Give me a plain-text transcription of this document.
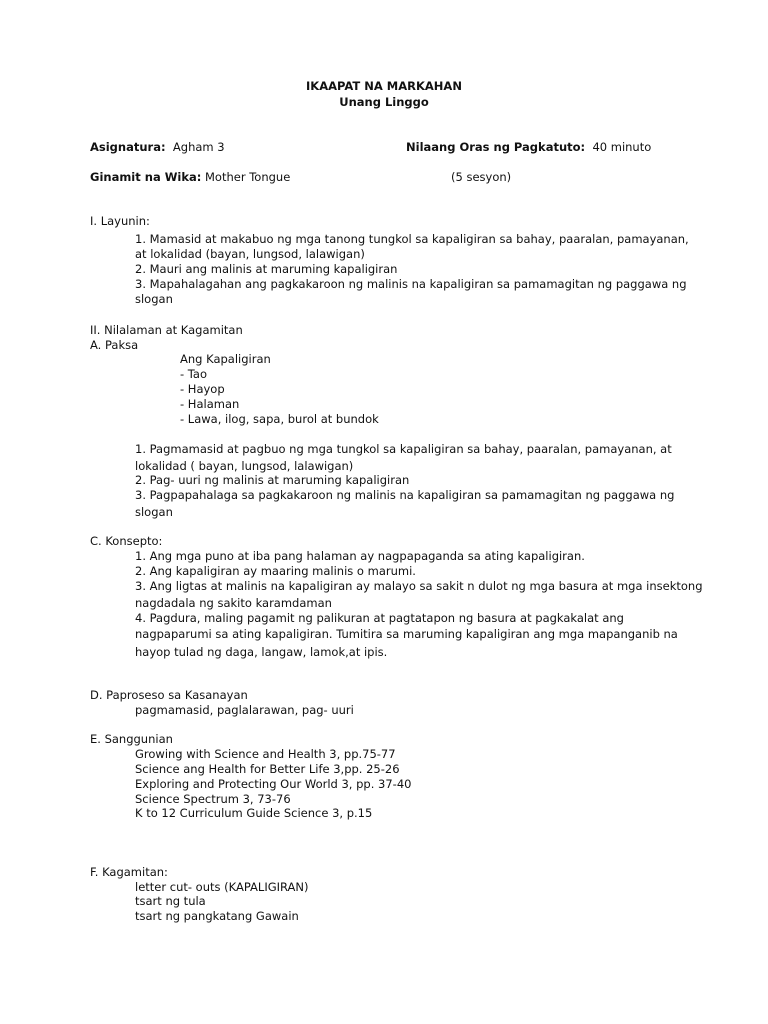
IKAAPAT NA MARKAHAN
Unang Linggo
Asignatura: Agham 3	Nilaang Oras ng Pagkatuto: 40 minuto
Ginamit na Wika: Mother Tongue	(5 sesyon)
I. Layunin:
1. Mamasid at makabuo ng mga tanong tungkol sa kapaligiran sa bahay, paaralan, pamayanan,
at lokalidad (bayan, lungsod, lalawigan)
2. Mauri ang malinis at maruming kapaligiran
3. Mapahalagahan ang pagkakaroon ng malinis na kapaligiran sa pamamagitan ng paggawa ng
slogan
II. Nilalaman at Kagamitan
A. Paksa
Ang Kapaligiran
- Tao
- Hayop
- Halaman
- Lawa, ilog, sapa, burol at bundok
1. Pagmamasid at pagbuo ng mga tungkol sa kapaligiran sa bahay, paaralan, pamayanan, at
lokalidad ( bayan, lungsod, lalawigan)
2. Pag- uuri ng malinis at maruming kapaligiran
3. Pagpapahalaga sa pagkakaroon ng malinis na kapaligiran sa pamamagitan ng paggawa ng
slogan
C. Konsepto:
1. Ang mga puno at iba pang halaman ay nagpapaganda sa ating kapaligiran.
2. Ang kapaligiran ay maaring malinis o marumi.
3. Ang ligtas at malinis na kapaligiran ay malayo sa sakit n dulot ng mga basura at mga insektong
nagdadala ng sakito karamdaman
4. Pagdura, maling pagamit ng palikuran at pagtatapon ng basura at pagkakalat ang
nagpaparumi sa ating kapaligiran. Tumitira sa maruming kapaligiran ang mga mapanganib na
hayop tulad ng daga, langaw, lamok,at ipis.
D. Paproseso sa Kasanayan
pagmamasid, paglalarawan, pag- uuri
E. Sanggunian
Growing with Science and Health 3, pp.75-77
Science ang Health for Better Life 3,pp. 25-26
Exploring and Protecting Our World 3, pp. 37-40
Science Spectrum 3, 73-76
K to 12 Curriculum Guide Science 3, p.15
F. Kagamitan:
letter cut- outs (KAPALIGIRAN)
tsart ng tula
tsart ng pangkatang Gawain
